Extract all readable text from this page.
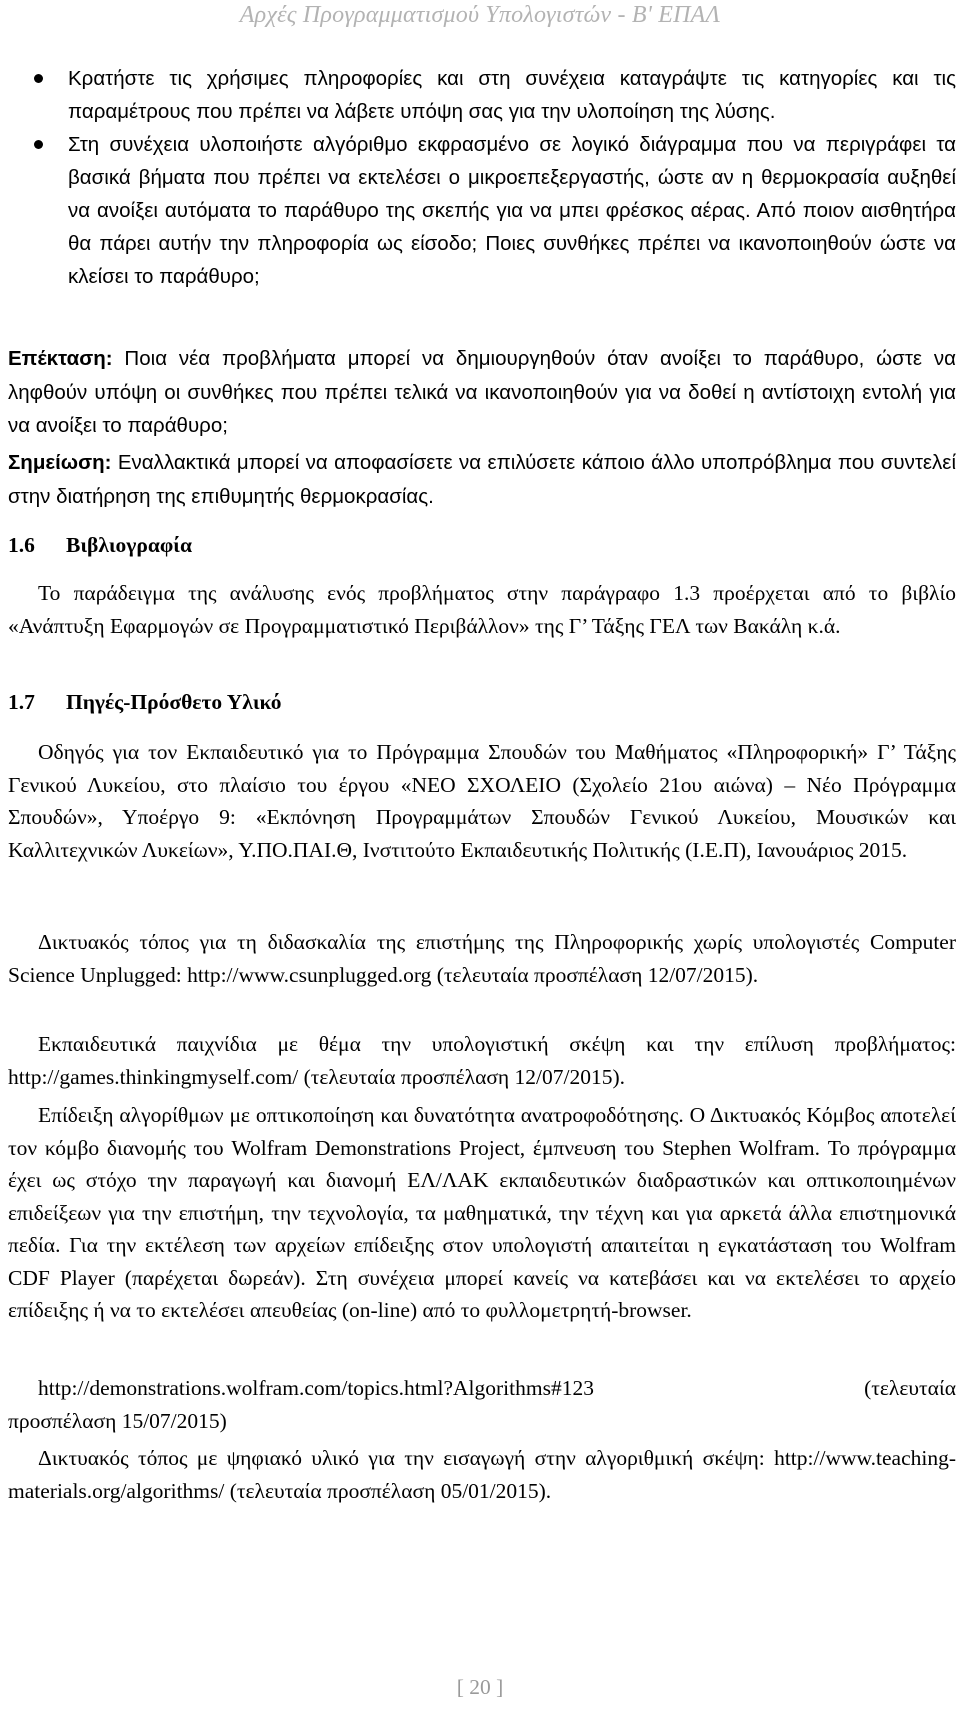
Αρχές Προγραμματισμού Υπολογιστών - Β' ΕΠΑΛ
Κρατήστε τις χρήσιμες πληροφορίες και στη συνέχεια καταγράψτε τις κατηγορίες και τις παραμέτρους που πρέπει να λάβετε υπόψη σας για την υλοποίηση της λύσης.
Στη συνέχεια υλοποιήστε αλγόριθμο εκφρασμένο σε λογικό διάγραμμα που να περιγράφει τα βασικά βήματα που πρέπει να εκτελέσει ο μικροεπεξεργαστής, ώστε αν η θερμοκρασία αυξηθεί να ανοίξει αυτόματα το παράθυρο της σκεπής για να μπει φρέσκος αέρας. Από ποιον αισθητήρα θα πάρει αυτήν την πληροφορία ως είσοδο; Ποιες συνθήκες πρέπει να ικανοποιηθούν ώστε να κλείσει το παράθυρο;

Επέκταση: Ποια νέα προβλήματα μπορεί να δημιουργηθούν όταν ανοίξει το παράθυρο, ώστε να ληφθούν υπόψη οι συνθήκες που πρέπει τελικά να ικανοποιηθούν για να δοθεί η αντίστοιχη εντολή για να ανοίξει το παράθυρο;

Σημείωση: Εναλλακτικά μπορεί να αποφασίσετε να επιλύσετε κάποιο άλλο υποπρόβλημα που συντελεί στην διατήρηση της επιθυμητής θερμοκρασίας.

1.6 Βιβλιογραφία

Το παράδειγμα της ανάλυσης ενός προβλήματος στην παράγραφο 1.3 προέρχεται από το βιβλίο «Ανάπτυξη Εφαρμογών σε Προγραμματιστικό Περιβάλλον» της Γ’ Τάξης ΓΕΛ των Βακάλη κ.ά.

1.7 Πηγές-Πρόσθετο Υλικό

Οδηγός για τον Εκπαιδευτικό για το Πρόγραμμα Σπουδών του Μαθήματος «Πληροφορική» Γ’ Τάξης Γενικού Λυκείου, στο πλαίσιο του έργου «ΝΕΟ ΣΧΟΛΕΙΟ (Σχολείο 21ου αιώνα) – Νέο Πρόγραμμα Σπουδών», Υποέργο 9: «Εκπόνηση Προγραμμάτων Σπουδών Γενικού Λυκείου, Μουσικών και Καλλιτεχνικών Λυκείων», Υ.ΠΟ.ΠΑΙ.Θ, Ινστιτούτο Εκπαιδευτικής Πολιτικής (Ι.Ε.Π), Ιανουάριος 2015.

Δικτυακός τόπος για τη διδασκαλία της επιστήμης της Πληροφορικής χωρίς υπολογιστές Computer Science Unplugged: http://www.csunplugged.org (τελευταία προσπέλαση 12/07/2015).

Εκπαιδευτικά παιχνίδια με θέμα την υπολογιστική σκέψη και την επίλυση προβλήματος: http://games.thinkingmyself.com/ (τελευταία προσπέλαση 12/07/2015).

Επίδειξη αλγορίθμων με οπτικοποίηση και δυνατότητα ανατροφοδότησης. Ο Δικτυακός Κόμβος αποτελεί τον κόμβο διανομής του Wolfram Demonstrations Project, έμπνευση του Stephen Wolfram. Το πρόγραμμα έχει ως στόχο την παραγωγή και διανομή ΕΛ/ΛΑΚ εκπαιδευτικών διαδραστικών και οπτικοποιημένων επιδείξεων για την επιστήμη, την τεχνολογία, τα μαθηματικά, την τέχνη και για αρκετά άλλα επιστημονικά πεδία. Για την εκτέλεση των αρχείων επίδειξης στον υπολογιστή απαιτείται η εγκατάσταση του Wolfram CDF Player (παρέχεται δωρεάν). Στη συνέχεια μπορεί κανείς να κατεβάσει και να εκτελέσει το αρχείο επίδειξης ή να το εκτελέσει απευθείας (on-line) από το φυλλομετρητή-browser.

http://demonstrations.wolfram.com/topics.html?Algorithms#123	(τελευταία
προσπέλαση 15/07/2015)

Δικτυακός τόπος με ψηφιακό υλικό για την εισαγωγή στην αλγοριθμική σκέψη: http://www.teaching-materials.org/algorithms/ (τελευταία προσπέλαση 05/01/2015).

[ 20 ]
